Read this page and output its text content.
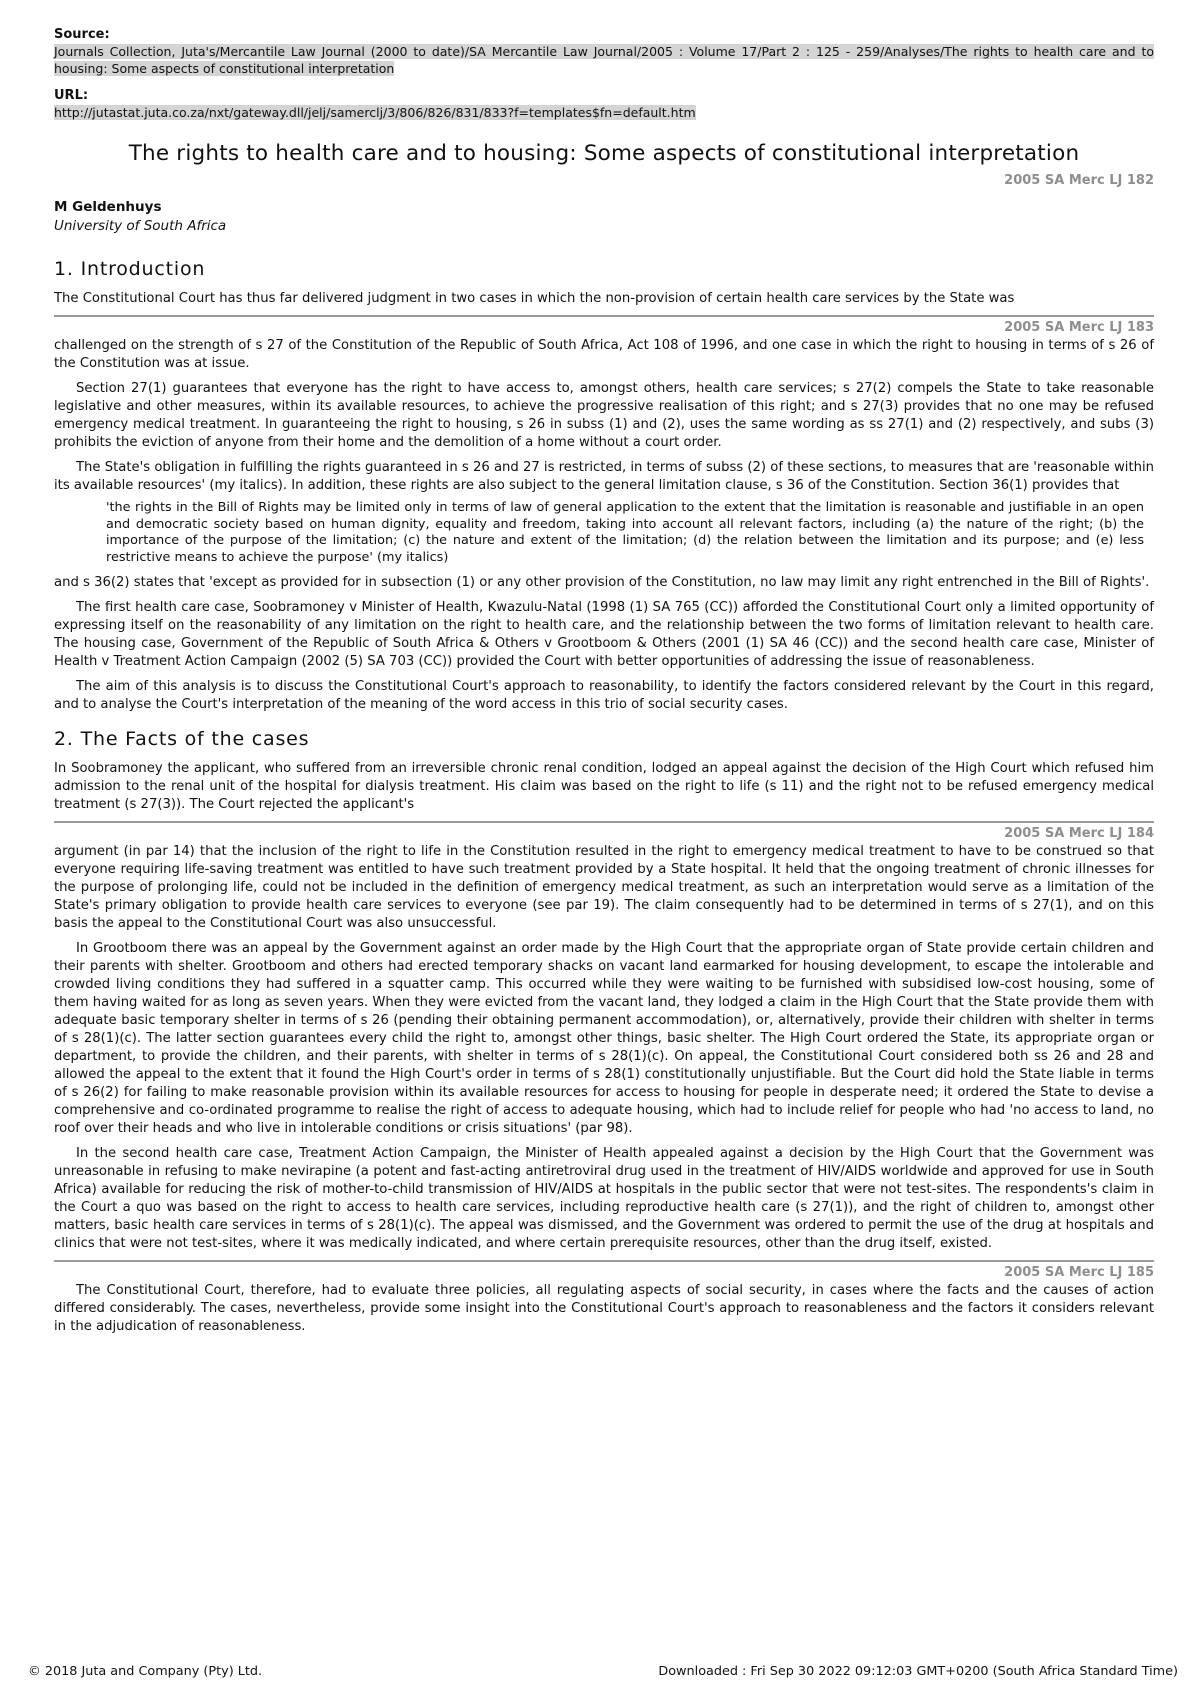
Source:

Journals Collection, Juta's/Mercantile Law Journal (2000 to date)/SA Mercantile Law Journal/2005 : Volume 17/Part 2 : 125 - 259/Analyses/The rights to health care and to housing: Some aspects of constitutional interpretation

URL:

http://jutastat.juta.co.za/nxt/gateway.dll/jelj/samerclj/3/806/826/831/833?f=templates$fn=default.htm

The rights to health care and to housing: Some aspects of constitutional interpretation

2005 SA Merc LJ 182

M Geldenhuys

University of South Africa

1. Introduction

The Constitutional Court has thus far delivered judgment in two cases in which the non-provision of certain health care services by the State was

2005 SA Merc LJ 183

challenged on the strength of s 27 of the Constitution of the Republic of South Africa, Act 108 of 1996, and one case in which the right to housing in terms of s 26 of the Constitution was at issue.

Section 27(1) guarantees that everyone has the right to have access to, amongst others, health care services; s 27(2) compels the State to take reasonable legislative and other measures, within its available resources, to achieve the progressive realisation of this right; and s 27(3) provides that no one may be refused emergency medical treatment. In guaranteeing the right to housing, s 26 in subss (1) and (2), uses the same wording as ss 27(1) and (2) respectively, and subs (3) prohibits the eviction of anyone from their home and the demolition of a home without a court order.

The State's obligation in fulfilling the rights guaranteed in s 26 and 27 is restricted, in terms of subss (2) of these sections, to measures that are 'reasonable within its available resources' (my italics). In addition, these rights are also subject to the general limitation clause, s 36 of the Constitution. Section 36(1) provides that

'the rights in the Bill of Rights may be limited only in terms of law of general application to the extent that the limitation is reasonable and justifiable in an open and democratic society based on human dignity, equality and freedom, taking into account all relevant factors, including (a) the nature of the right; (b) the importance of the purpose of the limitation; (c) the nature and extent of the limitation; (d) the relation between the limitation and its purpose; and (e) less restrictive means to achieve the purpose' (my italics)

and s 36(2) states that 'except as provided for in subsection (1) or any other provision of the Constitution, no law may limit any right entrenched in the Bill of Rights'.

The first health care case, Soobramoney v Minister of Health, Kwazulu-Natal (1998 (1) SA 765 (CC)) afforded the Constitutional Court only a limited opportunity of expressing itself on the reasonability of any limitation on the right to health care, and the relationship between the two forms of limitation relevant to health care. The housing case, Government of the Republic of South Africa & Others v Grootboom & Others (2001 (1) SA 46 (CC)) and the second health care case, Minister of Health v Treatment Action Campaign (2002 (5) SA 703 (CC)) provided the Court with better opportunities of addressing the issue of reasonableness.

The aim of this analysis is to discuss the Constitutional Court's approach to reasonability, to identify the factors considered relevant by the Court in this regard, and to analyse the Court's interpretation of the meaning of the word access in this trio of social security cases.

2. The Facts of the cases

In Soobramoney the applicant, who suffered from an irreversible chronic renal condition, lodged an appeal against the decision of the High Court which refused him admission to the renal unit of the hospital for dialysis treatment. His claim was based on the right to life (s 11) and the right not to be refused emergency medical treatment (s 27(3)). The Court rejected the applicant's

2005 SA Merc LJ 184

argument (in par 14) that the inclusion of the right to life in the Constitution resulted in the right to emergency medical treatment to have to be construed so that everyone requiring life-saving treatment was entitled to have such treatment provided by a State hospital. It held that the ongoing treatment of chronic illnesses for the purpose of prolonging life, could not be included in the definition of emergency medical treatment, as such an interpretation would serve as a limitation of the State's primary obligation to provide health care services to everyone (see par 19). The claim consequently had to be determined in terms of s 27(1), and on this basis the appeal to the Constitutional Court was also unsuccessful.

In Grootboom there was an appeal by the Government against an order made by the High Court that the appropriate organ of State provide certain children and their parents with shelter. Grootboom and others had erected temporary shacks on vacant land earmarked for housing development, to escape the intolerable and crowded living conditions they had suffered in a squatter camp. This occurred while they were waiting to be furnished with subsidised low-cost housing, some of them having waited for as long as seven years. When they were evicted from the vacant land, they lodged a claim in the High Court that the State provide them with adequate basic temporary shelter in terms of s 26 (pending their obtaining permanent accommodation), or, alternatively, provide their children with shelter in terms of s 28(1)(c). The latter section guarantees every child the right to, amongst other things, basic shelter. The High Court ordered the State, its appropriate organ or department, to provide the children, and their parents, with shelter in terms of s 28(1)(c). On appeal, the Constitutional Court considered both ss 26 and 28 and allowed the appeal to the extent that it found the High Court's order in terms of s 28(1) constitutionally unjustifiable. But the Court did hold the State liable in terms of s 26(2) for failing to make reasonable provision within its available resources for access to housing for people in desperate need; it ordered the State to devise a comprehensive and co-ordinated programme to realise the right of access to adequate housing, which had to include relief for people who had 'no access to land, no roof over their heads and who live in intolerable conditions or crisis situations' (par 98).

In the second health care case, Treatment Action Campaign, the Minister of Health appealed against a decision by the High Court that the Government was unreasonable in refusing to make nevirapine (a potent and fast-acting antiretroviral drug used in the treatment of HIV/AIDS worldwide and approved for use in South Africa) available for reducing the risk of mother-to-child transmission of HIV/AIDS at hospitals in the public sector that were not test-sites. The respondents's claim in the Court a quo was based on the right to access to health care services, including reproductive health care (s 27(1)), and the right of children to, amongst other matters, basic health care services in terms of s 28(1)(c). The appeal was dismissed, and the Government was ordered to permit the use of the drug at hospitals and clinics that were not test-sites, where it was medically indicated, and where certain prerequisite resources, other than the drug itself, existed.

2005 SA Merc LJ 185

The Constitutional Court, therefore, had to evaluate three policies, all regulating aspects of social security, in cases where the facts and the causes of action differed considerably. The cases, nevertheless, provide some insight into the Constitutional Court's approach to reasonableness and the factors it considers relevant in the adjudication of reasonableness.

© 2018 Juta and Company (Pty) Ltd.	Downloaded : Fri Sep 30 2022 09:12:03 GMT+0200 (South Africa Standard Time)
